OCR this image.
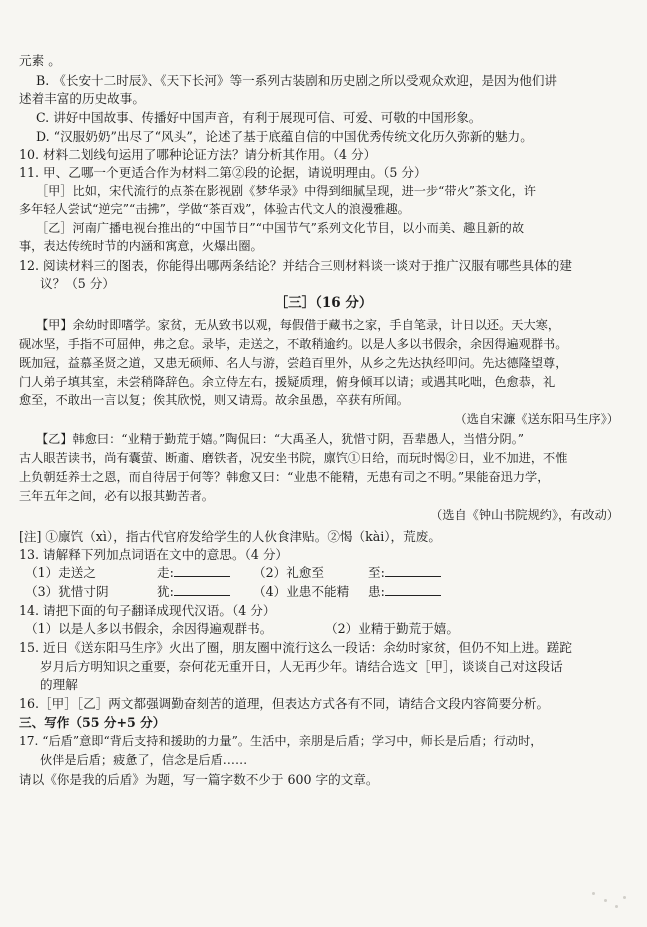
元素 。
B. 《长安十二时辰》、《天下长河》等一系列古装剧和历史剧之所以受观众欢迎，是因为他们讲
述着丰富的历史故事。
C. 讲好中国故事、传播好中国声音，有利于展现可信、可爱、可敬的中国形象。
D. “汉服奶奶”出尽了“风头”，论述了基于底蕴自信的中国优秀传统文化历久弥新的魅力。
10. 材料二划线句运用了哪种论证方法？请分析其作用。（4 分）
11. 甲、乙哪一个更适合作为材料二第②段的论据，请说明理由。（5 分）
［甲］比如，宋代流行的点茶在影视剧《梦华录》中得到细腻呈现，进一步“带火”茶文化，许
多年轻人尝试“逆完”“击拂”，学做“茶百戏”，体验古代文人的浪漫雅趣。
［乙］河南广播电视台推出的“中国节日”“中国节气”系列文化节目，以小而美、趣且新的故
事，表达传统时节的内涵和寓意，火爆出圈。
12. 阅读材料三的图表，你能得出哪两条结论？并结合三则材料谈一谈对于推广汉服有哪些具体的建
议？（5 分）
［三］（16 分）
【甲】余幼时即嗜学。家贫，无从致书以观，每假借于藏书之家，手自笔录，计日以还。天大寒，
砚冰坚，手指不可屈伸，弗之怠。录毕，走送之，不敢稍逾约。以是人多以书假余，余因得遍观群书。
既加冠，益慕圣贤之道，又患无硕师、名人与游，尝趋百里外，从乡之先达执经叩问。先达德隆望尊，
门人弟子填其室，未尝稍降辞色。余立侍左右，援疑质理，俯身倾耳以请；或遇其叱咄，色愈恭，礼
愈至，不敢出一言以复；俟其欣悦，则又请焉。故余虽愚，卒获有所闻。
（选自宋濂《送东阳马生序》）
【乙】韩愈曰：“业精于勤荒于嬉。”陶侃曰：“大禹圣人，犹惜寸阴，吾辈愚人，当惜分阴。”
古人眼苦读书，尚有囊萤、断齑、磨铁者，况安坐书院，廪饩①日给，而玩时愒②日，业不加进，不惟
上负朝廷养士之恩，而自待居于何等？韩愈又曰：“业患不能精，无患有司之不明。”果能奋迅力学，
三年五年之间，必有以报其勤苦者。
（选自《钟山书院规约》，有改动）
[注] ①廪饩（xì），指古代官府发给学生的人伙食津贴。②愒（kài），荒废。
13. 请解释下列加点词语在文中的意思。（4 分）
（1）走送之	走:	（2）礼愈至	至:
（3）犹惜寸阴	犹:	（4）业患不能精 患:
14. 请把下面的句子翻译成现代汉语。（4 分）
（1）以是人多以书假余，余因得遍观群书。	（2）业精于勤荒于嬉。
15. 近日《送东阳马生序》火出了圈，朋友圈中流行这么一段话：余幼时家贫，但仍不知上进。蹉跎
岁月后方明知识之重要，奈何花无重开日，人无再少年。请结合选文［甲］，谈谈自己对这段话
的理解
16.［甲］［乙］两文都强调勤奋刻苦的道理，但表达方式各有不同，请结合文段内容简要分析。
三、写作（55 分+5 分）
17. “后盾”意即“背后支持和援助的力量”。生活中，亲朋是后盾；学习中，师长是后盾；行动时，
伙伴是后盾；疲惫了，信念是后盾……
请以《你是我的后盾》为题，写一篇字数不少于 600 字的文章。
